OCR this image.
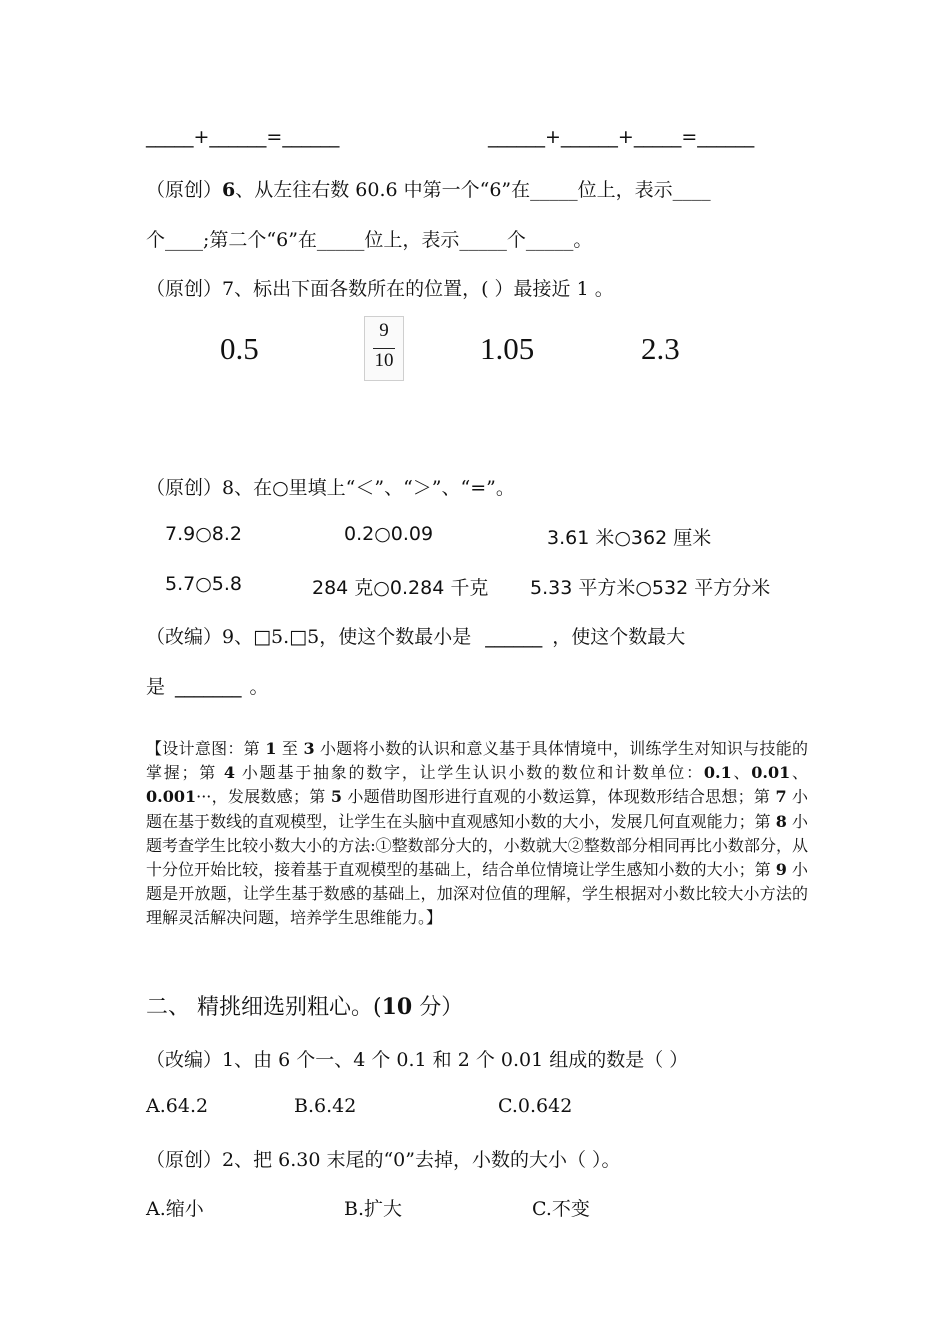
_____+______=______	______+______+_____=______
（原创）6、从左往右数 60.6 中第一个“6”在_____位上，表示____
个____;第二个“6”在_____位上，表示_____个_____。
（原创）7、标出下面各数所在的位置，( ）最接近 1 。
0.5
9
10	1.05	2.3
（原创）8、在○里填上“＜”、“＞”、“=”。
7.9○8.2	0.2○0.09	3.61 米○362 厘米
5.7○5.8	284 克○0.284 千克 5.33 平方米○532 平方分米
（改编）9、□5.□5，使这个数最小是 ______ ，使这个数最大
是 _______ 。
【设计意图：第 1 至 3 小题将小数的认识和意义基于具体情境中，训练学生对知识与技能的掌握；第 4 小题基于抽象的数字，让学生认识小数的数位和计数单位：0.1、0.01、0.001···，发展数感；第 5 小题借助图形进行直观的小数运算，体现数形结合思想；第 7 小题在基于数线的直观模型，让学生在头脑中直观感知小数的大小，发展几何直观能力；第 8 小题考查学生比较小数大小的方法:①整数部分大的，小数就大②整数部分相同再比小数部分，从十分位开始比较，接着基于直观模型的基础上，结合单位情境让学生感知小数的大小；第 9 小题是开放题，让学生基于数感的基础上，加深对位值的理解，学生根据对小数比较大小方法的理解灵活解决问题，培养学生思维能力。】
二、 精挑细选别粗心。(10 分）
（改编）1、由 6 个一、4 个 0.1 和 2 个 0.01 组成的数是（ ）
A.64.2	B.6.42	C.0.642
（原创）2、把 6.30 末尾的“0”去掉，小数的大小（ ）。
A.缩小	B.扩大	C.不变
